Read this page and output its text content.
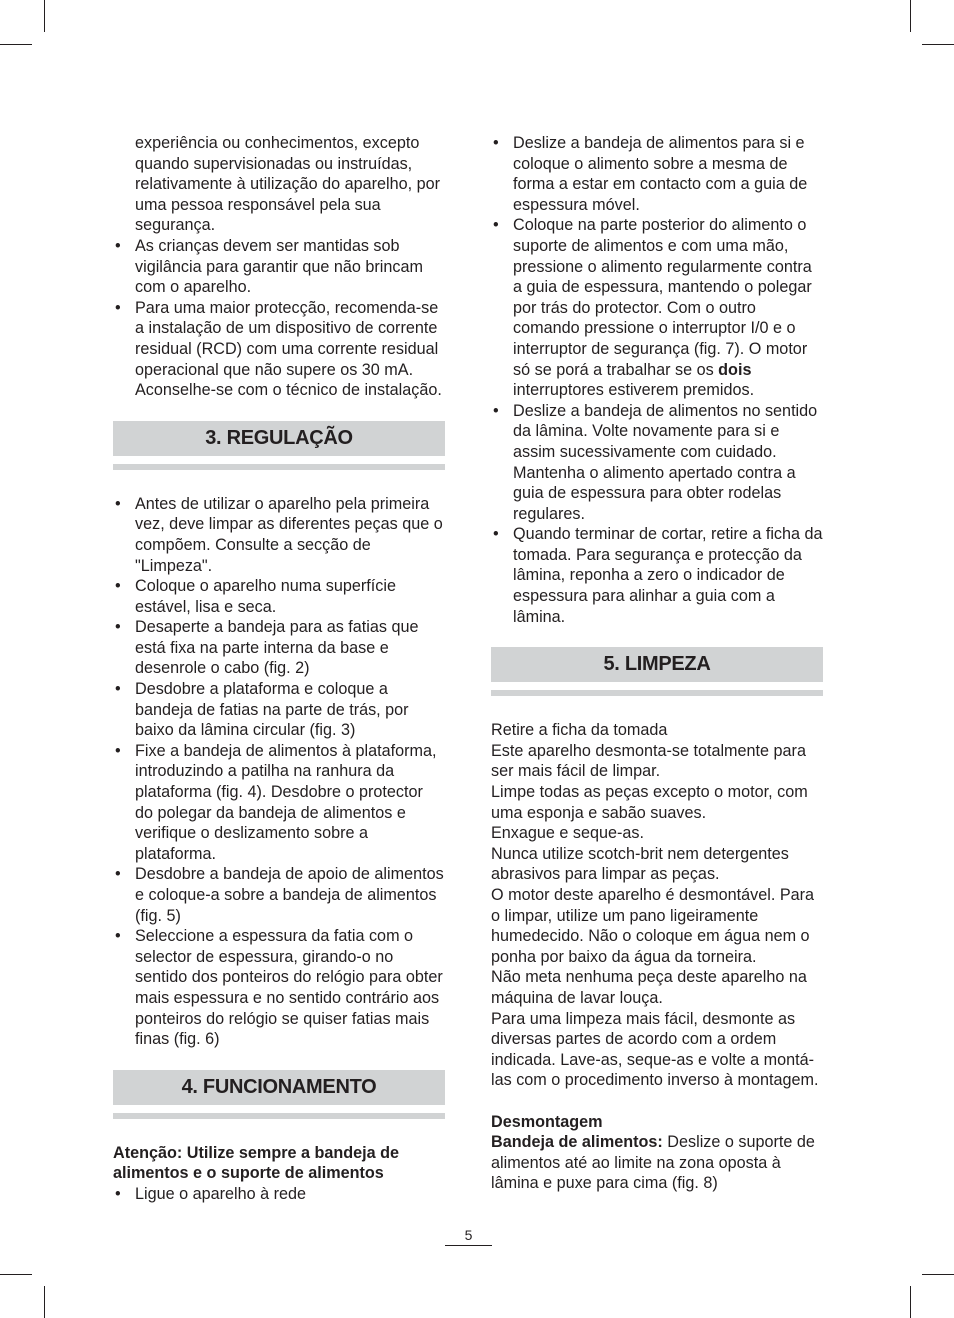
experiência ou conhecimentos, excepto quando supervisionadas ou instruídas, relativamente à utilização do aparelho, por uma pessoa responsável pela sua segurança.
• As crianças devem ser mantidas sob vigilância para garantir que não brincam com o aparelho.
• Para uma maior protecção, recomenda-se a instalação de um dispositivo de corrente residual (RCD) com uma corrente residual operacional que não supere os 30 mA. Aconselhe-se com o técnico de instalação.
3. REGULAÇÃO
• Antes de utilizar o aparelho pela primeira vez, deve limpar as diferentes peças que o compõem. Consulte a secção de "Limpeza".
• Coloque o aparelho numa superfície estável, lisa e seca.
• Desaperte a bandeja para as fatias que está fixa na parte interna da base e desenrole o cabo (fig. 2)
• Desdobre a plataforma e coloque a bandeja de fatias na parte de trás, por baixo da lâmina circular (fig. 3)
• Fixe a bandeja de alimentos à plataforma, introduzindo a patilha na ranhura da plataforma (fig. 4). Desdobre o protector do polegar da bandeja de alimentos e verifique o deslizamento sobre a plataforma.
• Desdobre a bandeja de apoio de alimentos e coloque-a sobre a bandeja de alimentos (fig. 5)
• Seleccione a espessura da fatia com o selector de espessura, girando-o no sentido dos ponteiros do relógio para obter mais espessura e no sentido contrário aos ponteiros do relógio se quiser fatias mais finas (fig. 6)
4. FUNCIONAMENTO

Atenção: Utilize sempre a bandeja de alimentos e o suporte de alimentos

• Ligue o aparelho à rede
• Deslize a bandeja de alimentos para si e coloque o alimento sobre a mesma de forma a estar em contacto com a guia de espessura móvel.
• Coloque na parte posterior do alimento o suporte de alimentos e com uma mão, pressione o alimento regularmente contra a guia de espessura, mantendo o polegar por trás do protector. Com o outro comando pressione o interruptor I/0 e o interruptor de segurança (fig. 7). O motor só se porá a trabalhar se os dois interruptores estiverem premidos.
• Deslize a bandeja de alimentos no sentido da lâmina. Volte novamente para si e assim sucessivamente com cuidado. Mantenha o alimento apertado contra a guia de espessura para obter rodelas regulares.
• Quando terminar de cortar, retire a ficha da tomada. Para segurança e protecção da lâmina, reponha a zero o indicador de espessura para alinhar a guia com a lâmina.
5. LIMPEZA

Retire a ficha da tomada

Este aparelho desmonta-se totalmente para ser mais fácil de limpar.

Limpe todas as peças excepto o motor, com uma esponja e sabão suaves.

Enxague e seque-as.

Nunca utilize scotch-brit nem detergentes abrasivos para limpar as peças.

O motor deste aparelho é desmontável. Para o limpar, utilize um pano ligeiramente humedecido. Não o coloque em água nem o ponha por baixo da água da torneira.

Não meta nenhuma peça deste aparelho na máquina de lavar louça.

Para uma limpeza mais fácil, desmonte as diversas partes de acordo com a ordem indicada. Lave-as, seque-as e volte a montá-las com o procedimento inverso à montagem.

Desmontagem

Bandeja de alimentos: Deslize o suporte de alimentos até ao limite na zona oposta à lâmina e puxe para cima (fig. 8)

5
